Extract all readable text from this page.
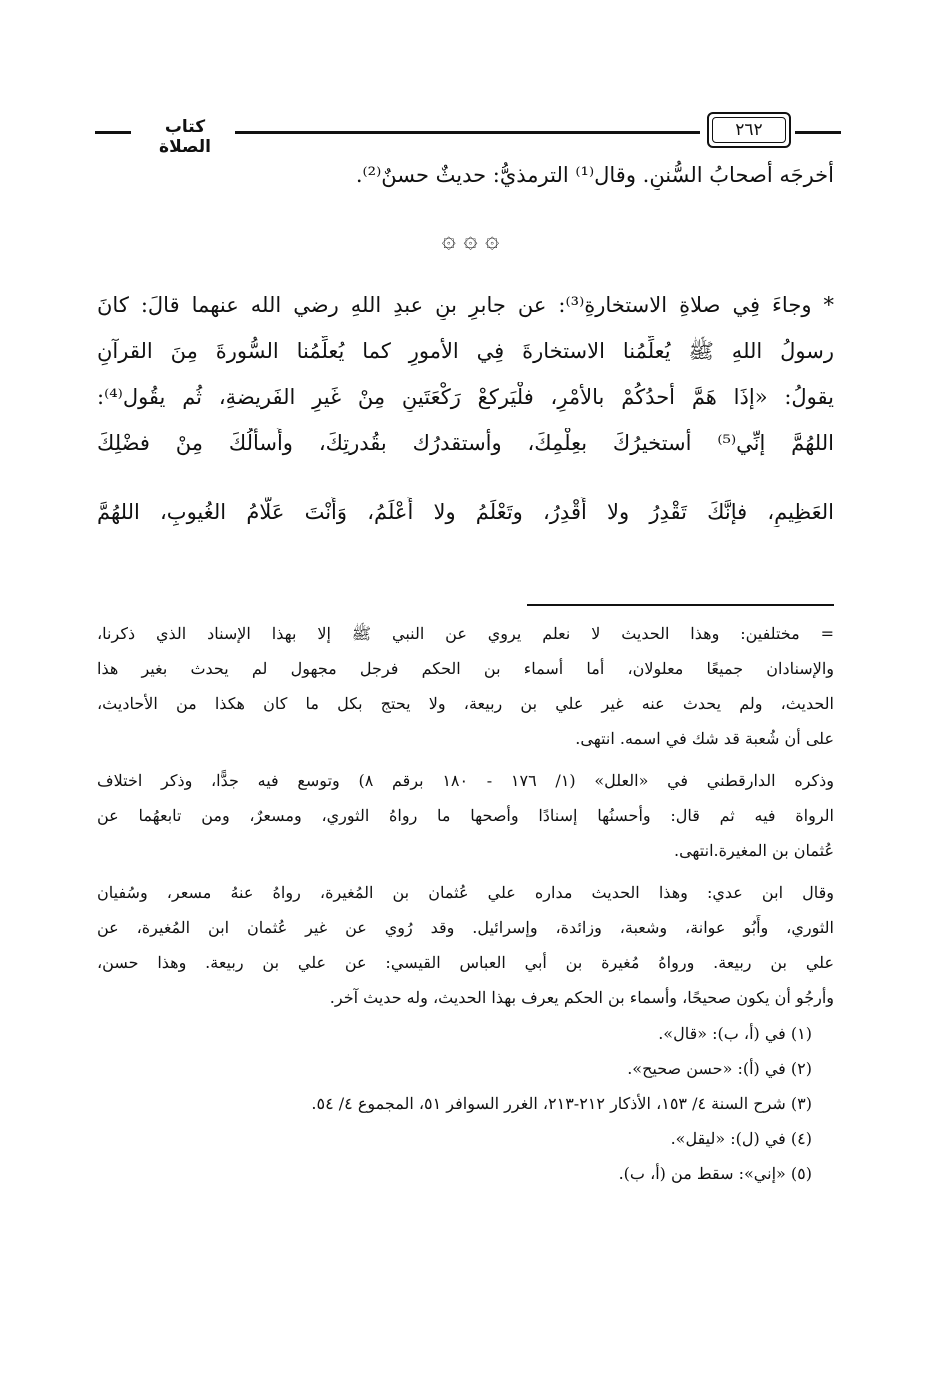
كتاب الصلاة
٢٦٢
أخرجَه أصحابُ السُّننِ. وقال⁽¹⁾ الترمذيُّ: حديثٌ حسنٌ⁽²⁾.
۞ ۞ ۞
* وجاءَ فِي صلاةِ الاستخارةِ⁽³⁾: عن جابرِ بنِ عبدِ اللهِ رضي الله عنهما قالَ: كانَ
رسولُ اللهِ ﷺ يُعلِّمُنا الاستخارةَ فِي الأمورِ كما يُعلِّمُنا السُّورةَ مِنَ القرآنِ
يقولُ: «إذَا هَمَّ أحدُكُمْ بالأمْرِ، فلْيَركعْ رَكْعَتَينِ مِنْ غَيرِ الفَريضةِ، ثُم يقُول⁽⁴⁾:
اللهُمَّ إنِّي⁽⁵⁾ أستخيرُكَ بعِلْمِكَ، وأستقدرُك بقُدرتِكَ، وأَسأَلُكَ مِنْ فضْلِكَ
العَظِيمِ، فإنَّكَ تَقْدِرُ ولا أَقْدِرُ، وتَعْلَمُ ولا أَعْلَمُ، وَأَنْتَ عَلَّامُ الغُيوبِ، اللهُمَّ
= مختلفين: وهذا الحديث لا نعلم يروي عن النبي ﷺ إلا بهذا الإسناد الذي ذكرنا،
والإسنادان جميعًا معلولان، أما أسماء بن الحكم فرجل مجهول لم يحدث بغير هذا
الحديث، ولم يحدث عنه غير علي بن ربيعة، ولا يحتج بكل ما كان هكذا من الأحاديث،
على أن شُعبة قد شك في اسمه. انتهى.
وذكره الدارقطني في «العلل» (١/ ١٧٦ - ١٨٠ برقم ٨) وتوسع فيه جدًّا، وذكر اختلاف
الرواة فيه ثم قال: وأحسنُها إسنادًا وأصحها ما رواهُ الثوري، ومسعرٌ، ومن تابعهُما عن
عُثمان بن المغيرة.انتهى.
وقال ابن عدي: وهذا الحديث مداره علي عُثمان بن المُغيرة، رواهُ عنهُ مسعر، وسُفيان
الثوري، وأَبُو عوانة، وشعبة، وزائدة، وإسرائيل. وقد رُوي عن غير عُثمان ابن المُغيرة، عن
علي بن ربيعة. ورواهُ مُغيرة بن أبي العباس القيسي: عن علي بن ربيعة. وهذا حسن،
وأرجُو أن يكون صحيحًا، وأسماء بن الحكم يعرف بهذا الحديث، وله حديث آخر.
(١) في (أ، ب): «قال».
(٢) في (أ): «حسن صحيح».
(٣) شرح السنة ٤/ ١٥٣، الأذكار ٢١٢-٢١٣، الغرر السوافر ٥١، المجموع ٤/ ٥٤.
(٤) في (ل): «ليقل».
(٥) «إني»: سقط من (أ، ب).
